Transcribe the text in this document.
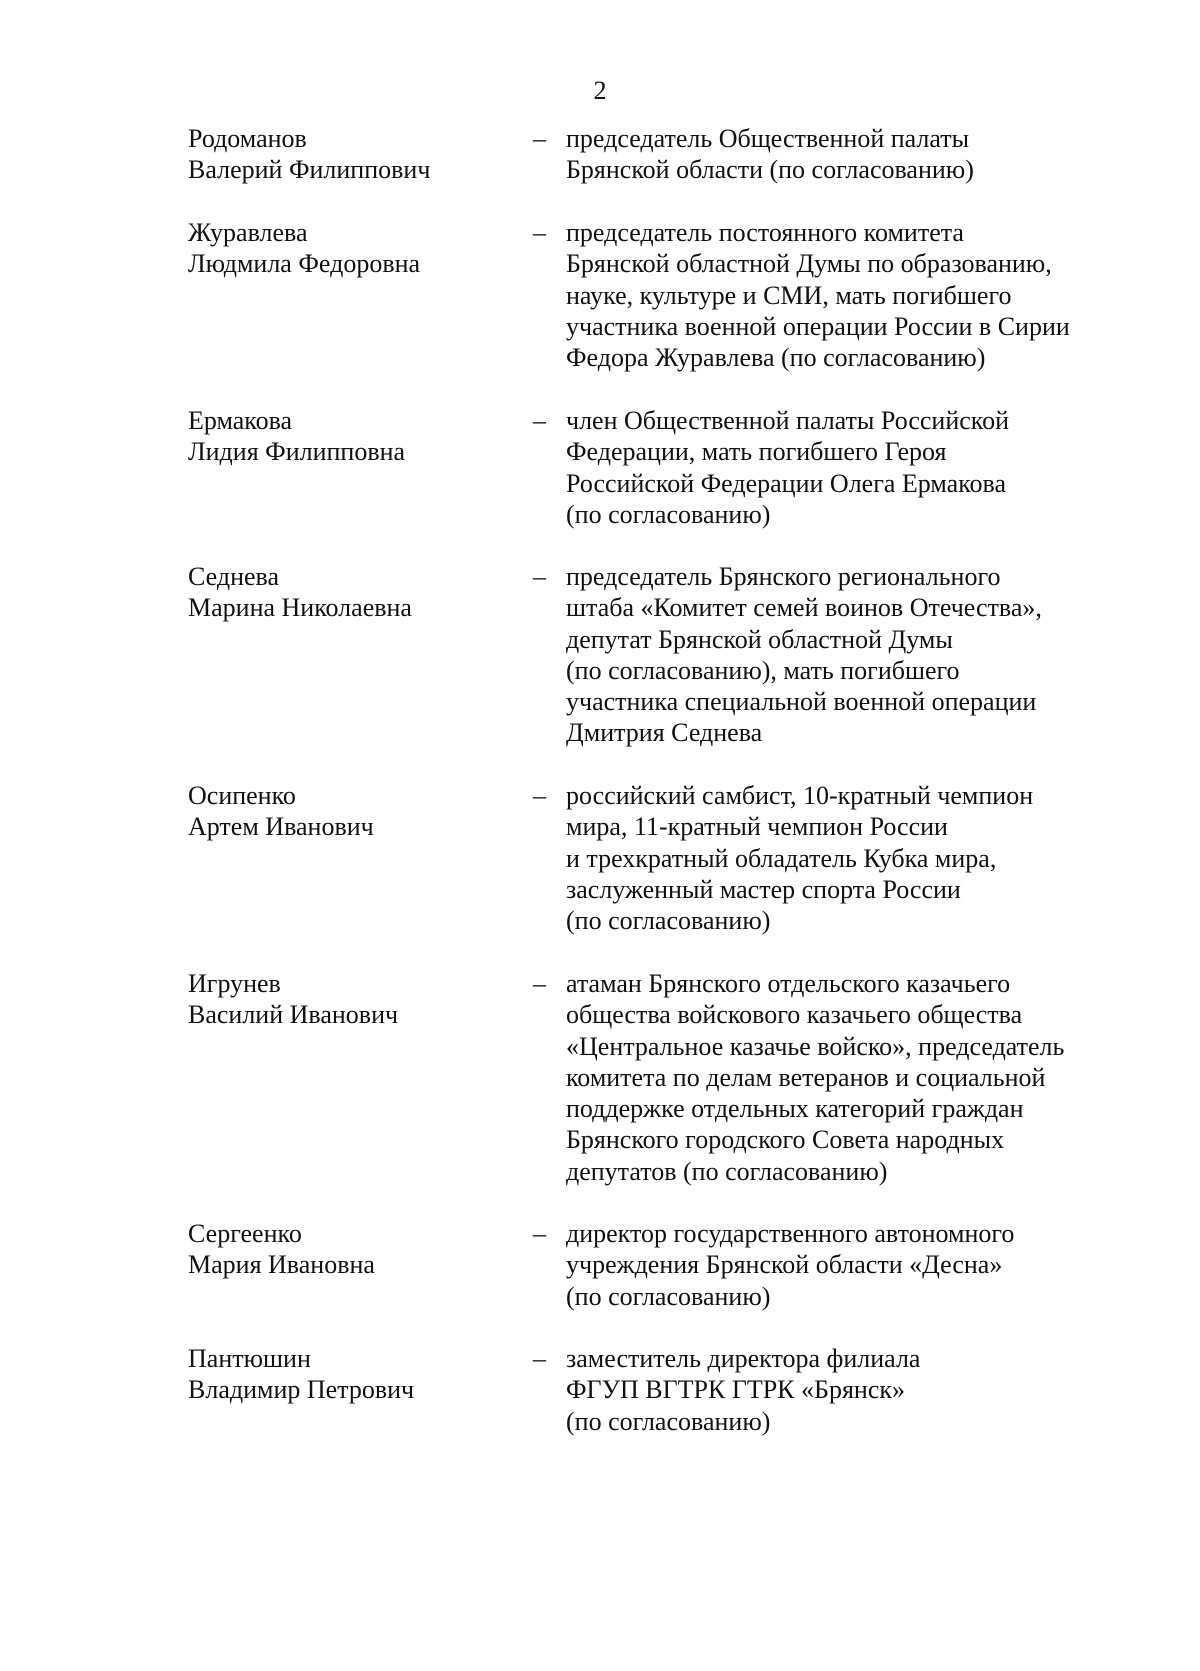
2
Родоманов
Валерий Филиппович
– председатель Общественной палаты
Брянской области (по согласованию)
Журавлева
Людмила Федоровна
– председатель постоянного комитета
Брянской областной Думы по образованию,
науке, культуре и СМИ, мать погибшего
участника военной операции России в Сирии
Федора Журавлева (по согласованию)
Ермакова
Лидия Филипповна
– член Общественной палаты Российской
Федерации, мать погибшего Героя
Российской Федерации Олега Ермакова
(по согласованию)
Седнева
Марина Николаевна
– председатель Брянского регионального
штаба «Комитет семей воинов Отечества»,
депутат Брянской областной Думы
(по согласованию), мать погибшего
участника специальной военной операции
Дмитрия Седнева
Осипенко
Артем Иванович
– российский самбист, 10-кратный чемпион
мира, 11-кратный чемпион России
и трехкратный обладатель Кубка мира,
заслуженный мастер спорта России
(по согласованию)
Игрунев
Василий Иванович
– атаман Брянского отдельского казачьего
общества войскового казачьего общества
«Центральное казачье войско», председатель
комитета по делам ветеранов и социальной
поддержке отдельных категорий граждан
Брянского городского Совета народных
депутатов (по согласованию)
Сергеенко
Мария Ивановна
– директор государственного автономного
учреждения Брянской области «Десна»
(по согласованию)
Пантюшин
Владимир Петрович
– заместитель директора филиала
ФГУП ВГТРК ГТРК «Брянск»
(по согласованию)
